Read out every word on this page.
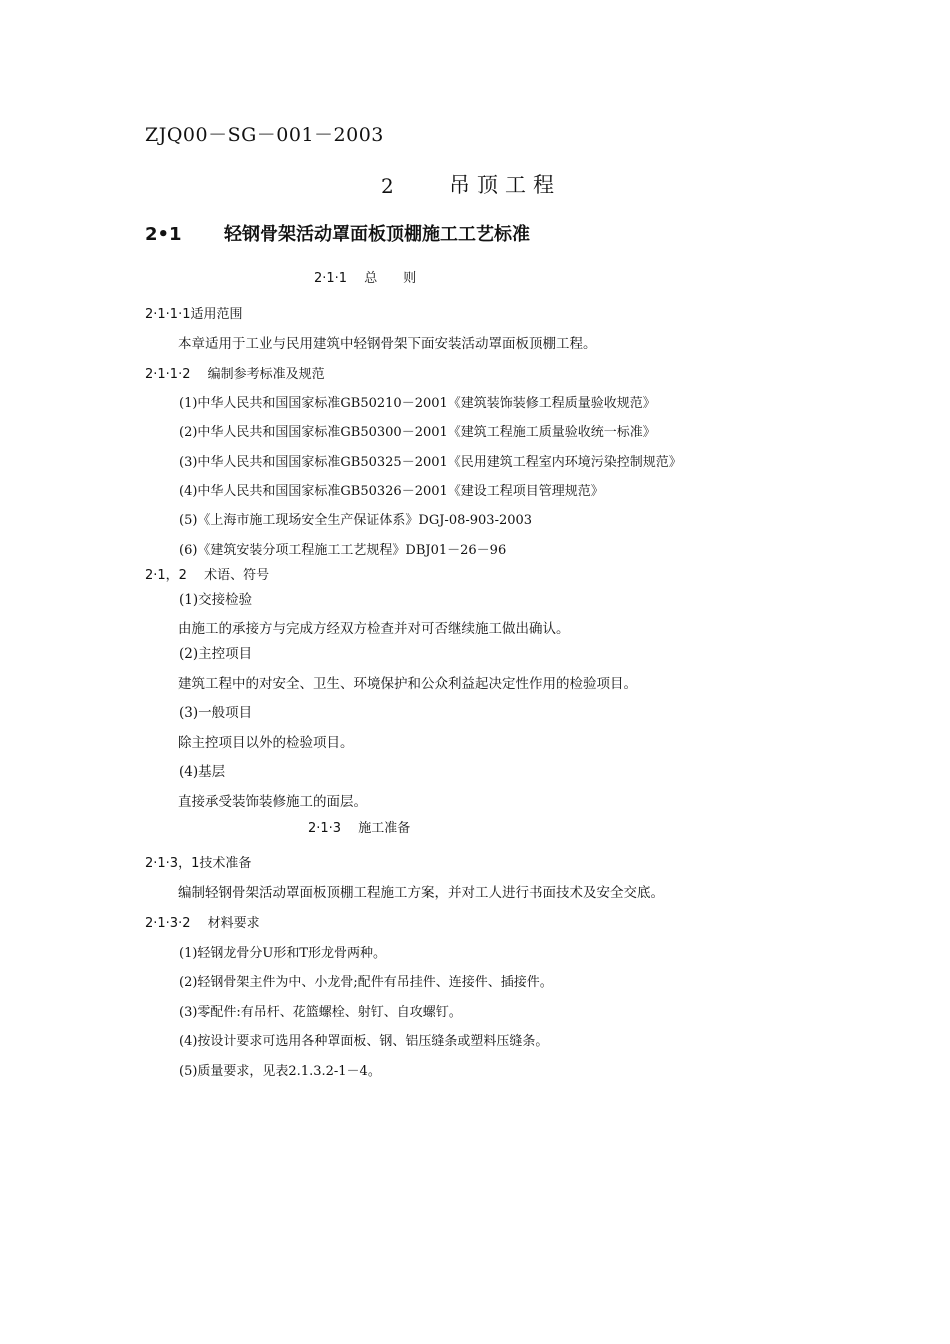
ZJQ00－SG－001－2003
2	吊顶工程
2•1 轻钢骨架活动罩面板顶棚施工工艺标准
2·1·1　 总　　则
2·1·1·1适用范围
本章适用于工业与民用建筑中轻钢骨架下面安装活动罩面板顶棚工程。
2·1·1·2　 编制参考标准及规范
(1)中华人民共和国国家标准GB50210－2001《建筑装饰装修工程质量验收规范》
(2)中华人民共和国国家标准GB50300－2001《建筑工程施工质量验收统一标准》
(3)中华人民共和国国家标准GB50325－2001《民用建筑工程室内环境污染控制规范》
(4)中华人民共和国国家标准GB50326－2001《建设工程项目管理规范》
(5)《上海市施工现场安全生产保证体系》DGJ-08-903-2003
(6)《建筑安装分项工程施工工艺规程》DBJ01－26－96
2·1，2　 术语、符号
(1)交接检验
由施工的承接方与完成方经双方检查并对可否继续施工做出确认。
(2)主控项目
建筑工程中的对安全、卫生、环境保护和公众利益起决定性作用的检验项目。
(3)一般项目
除主控项目以外的检验项目。
(4)基层
直接承受装饰装修施工的面层。
2·1·3　 施工准备
2·1·3，1技术准备
编制轻钢骨架活动罩面板顶棚工程施工方案，并对工人进行书面技术及安全交底。
2·1·3·2　 材料要求
(1)轻钢龙骨分U形和T形龙骨两种。
(2)轻钢骨架主件为中、小龙骨;配件有吊挂件、连接件、插接件。
(3)零配件:有吊杆、花篮螺栓、射钉、自攻螺钉。
(4)按设计要求可选用各种罩面板、钢、铝压缝条或塑料压缝条。
(5)质量要求，见表2.1.3.2-1－4。
